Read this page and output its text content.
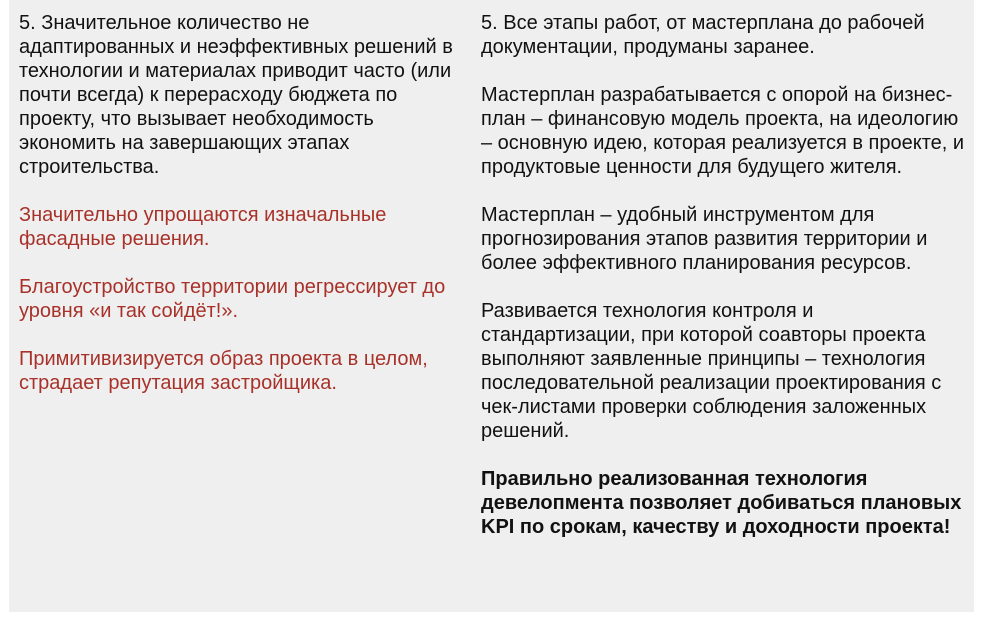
5. Значительное количество не адаптированных и неэффективных решений в технологии и материалах приводит часто (или почти всегда) к перерасходу бюджета по проекту, что вызывает необходимость экономить на завершающих этапах строительства.

Значительно упрощаются изначальные фасадные решения.

Благоустройство территории регрессирует до уровня «и так сойдёт!».

Примитивизируется образ проекта в целом, страдает репутация застройщика.

5. Все этапы работ, от мастерплана до рабочей документации, продуманы заранее.

Мастерплан разрабатывается с опорой на бизнес-план – финансовую модель проекта, на идеологию – основную идею, которая реализуется в проекте, и продуктовые ценности для будущего жителя.

Мастерплан – удобный инструментом для прогнозирования этапов развития территории и более эффективного планирования ресурсов.

Развивается технология контроля и стандартизации, при которой соавторы проекта выполняют заявленные принципы – технология последовательной реализации проектирования с чек-листами проверки соблюдения заложенных решений.

Правильно реализованная технология девелопмента позволяет добиваться плановых KPI по срокам, качеству и доходности проекта!
